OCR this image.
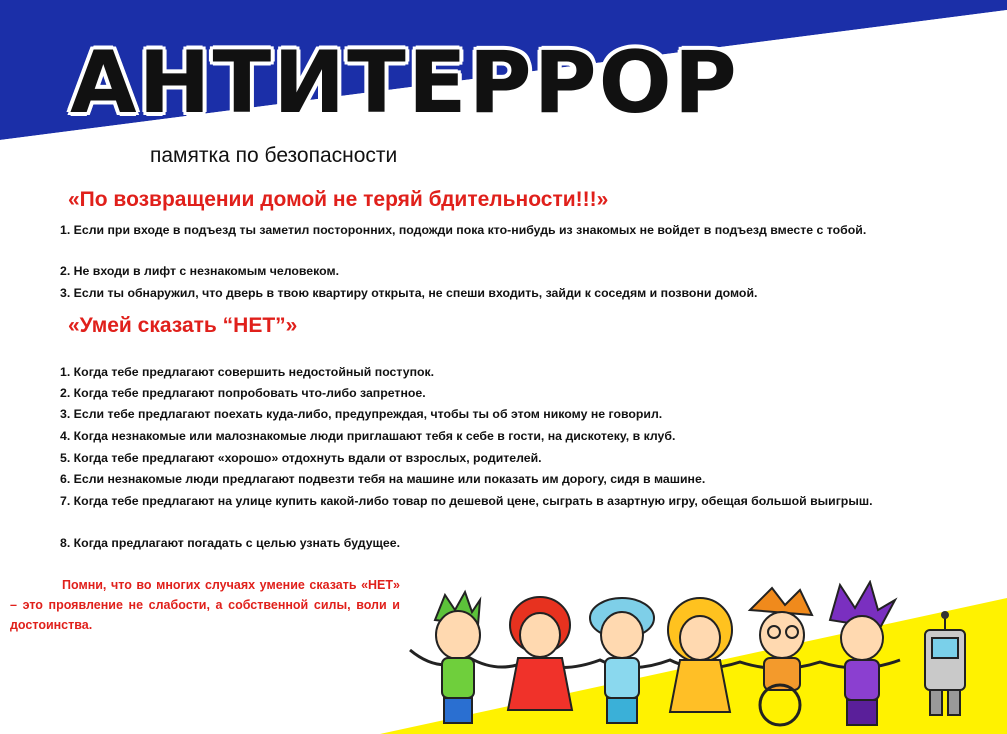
АНТИТЕРРОР
памятка по безопасности
«По возвращении домой не теряй бдительности!!!»
1. Если при входе в подъезд ты заметил посторонних, подожди пока кто-нибудь из знакомых не войдет в подъезд вместе с тобой.
2. Не входи в лифт с незнакомым человеком.
3. Если ты обнаружил, что дверь в твою квартиру открыта, не спеши входить, зайди к соседям и позвони домой.
«Умей сказать “НЕТ”»
1. Когда тебе предлагают совершить недостойный поступок.
2. Когда тебе предлагают попробовать что-либо запретное.
3. Если тебе предлагают поехать куда-либо, предупреждая, чтобы ты об этом никому не говорил.
4. Когда незнакомые или малознакомые люди приглашают тебя к себе в гости, на дискотеку, в клуб.
5. Когда тебе предлагают «хорошо» отдохнуть вдали от взрослых, родителей.
6. Если незнакомые люди предлагают подвезти тебя на машине или показать им дорогу, сидя в машине.
7. Когда тебе предлагают на улице купить какой-либо товар по дешевой цене, сыграть в азартную игру, обещая большой выигрыш.
8. Когда предлагают погадать с целью узнать будущее.
Помни, что во многих случаях умение сказать «НЕТ» – это проявление не слабости, а собственной силы, воли и достоинства.
